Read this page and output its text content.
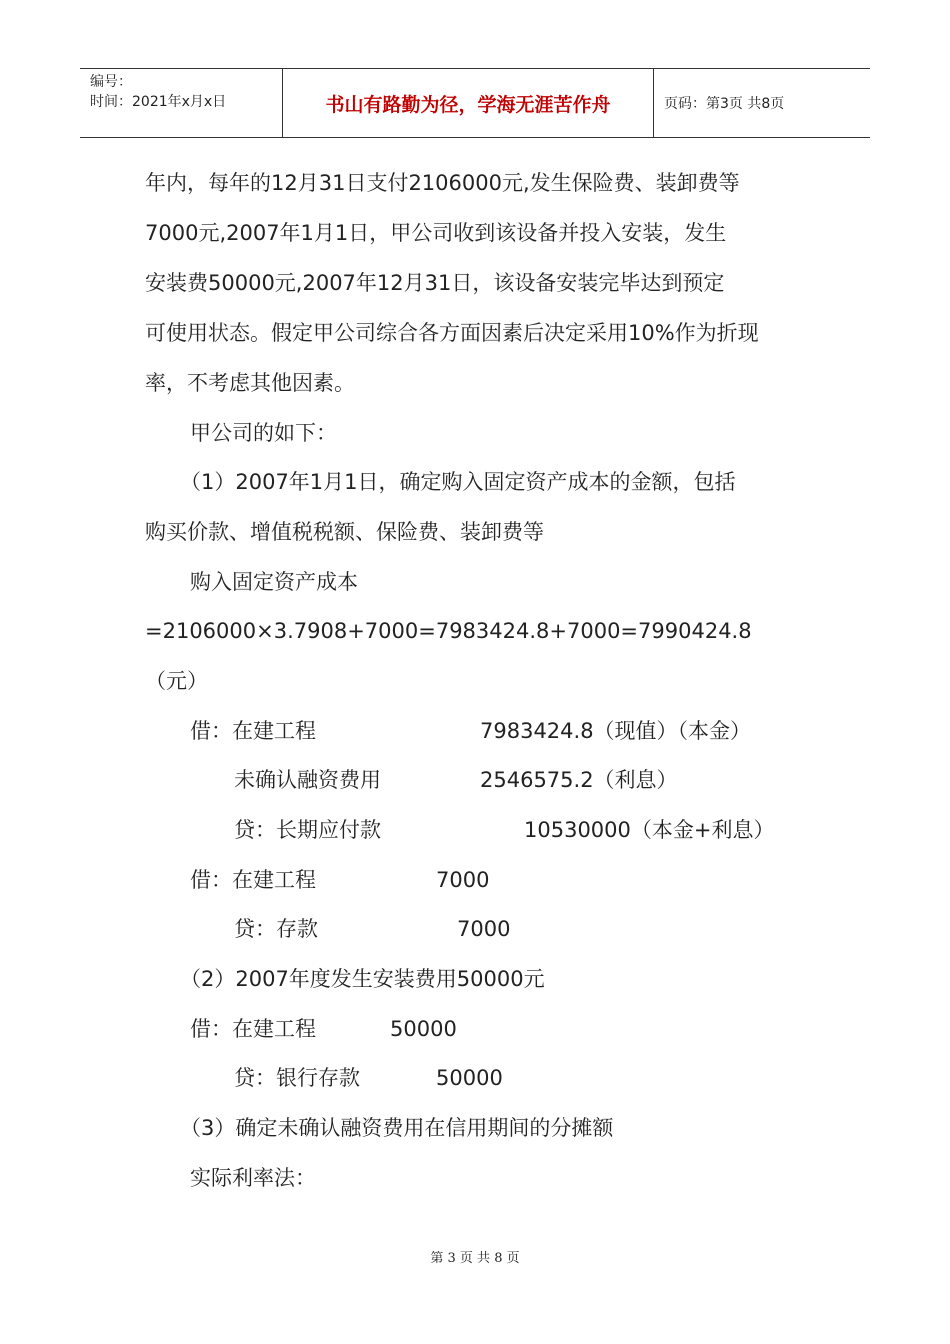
编号：
时间：2021年x月x日	书山有路勤为径，学海无涯苦作舟	页码：第3页 共8页
年内，每年的12月31日支付2106000元,发生保险费、装卸费等
7000元,2007年1月1日，甲公司收到该设备并投入安装，发生
安装费50000元,2007年12月31日，该设备安装完毕达到预定
可使用状态。假定甲公司综合各方面因素后决定采用10%作为折现
率，不考虑其他因素。
甲公司的如下：
（1）2007年1月1日，确定购入固定资产成本的金额，包括
购买价款、增值税税额、保险费、装卸费等
购入固定资产成本
=2106000×3.7908+7000=7983424.8+7000=7990424.8
（元）
借：在建工程	7983424.8（现值）（本金）
未确认融资费用	2546575.2（利息）
贷：长期应付款	10530000（本金+利息）
借：在建工程	7000
贷：存款	7000
（2）2007年度发生安装费用50000元
借：在建工程	50000
贷：银行存款	50000
（3）确定未确认融资费用在信用期间的分摊额
实际利率法：
第 3 页 共 8 页
